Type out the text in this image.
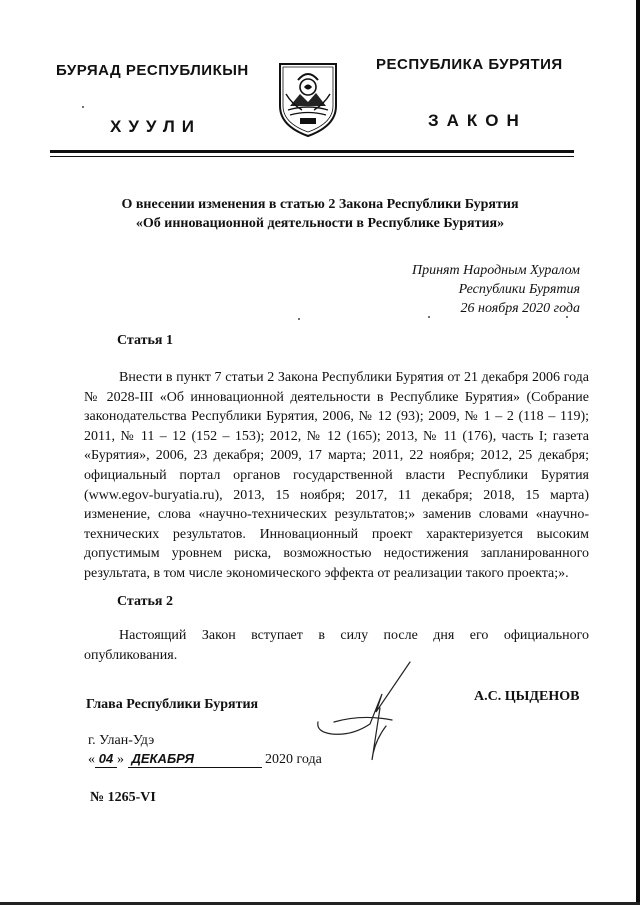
БУРЯАД РЕСПУБЛИКЫН	РЕСПУБЛИКА БУРЯТИЯ
ХУУЛИ	ЗАКОН
О внесении изменения в статью 2 Закона Республики Бурятия
«Об инновационной деятельности в Республике Бурятия»
Принят Народным Хуралом
Республики Бурятия
26 ноября 2020 года
Статья 1
Внести в пункт 7 статьи 2 Закона Республики Бурятия от 21 декабря 2006 года № 2028-III «Об инновационной деятельности в Республике Бурятия» (Собрание законодательства Республики Бурятия, 2006, № 12 (93); 2009, № 1 – 2 (118 – 119); 2011, № 11 – 12 (152 – 153); 2012, № 12 (165); 2013, № 11 (176), часть I; газета «Бурятия», 2006, 23 декабря; 2009, 17 марта; 2011, 22 ноября; 2012, 25 декабря; официальный портал органов государственной власти Республики Бурятия (www.egov-buryatia.ru), 2013, 15 ноября; 2017, 11 декабря; 2018, 15 марта) изменение, слова «научно-технических результатов;» заменив словами «научно-технических результатов. Инновационный проект характеризуется высоким допустимым уровнем риска, возможностью недостижения запланированного результата, в том числе экономического эффекта от реализации такого проекта;».
Статья 2
Настоящий Закон вступает в силу после дня его официального опубликования.
Глава Республики Бурятия
А.С. ЦЫДЕНОВ
г. Улан-Удэ
« 04 » ДЕКАБРЯ	2020 года
№ 1265-VI
